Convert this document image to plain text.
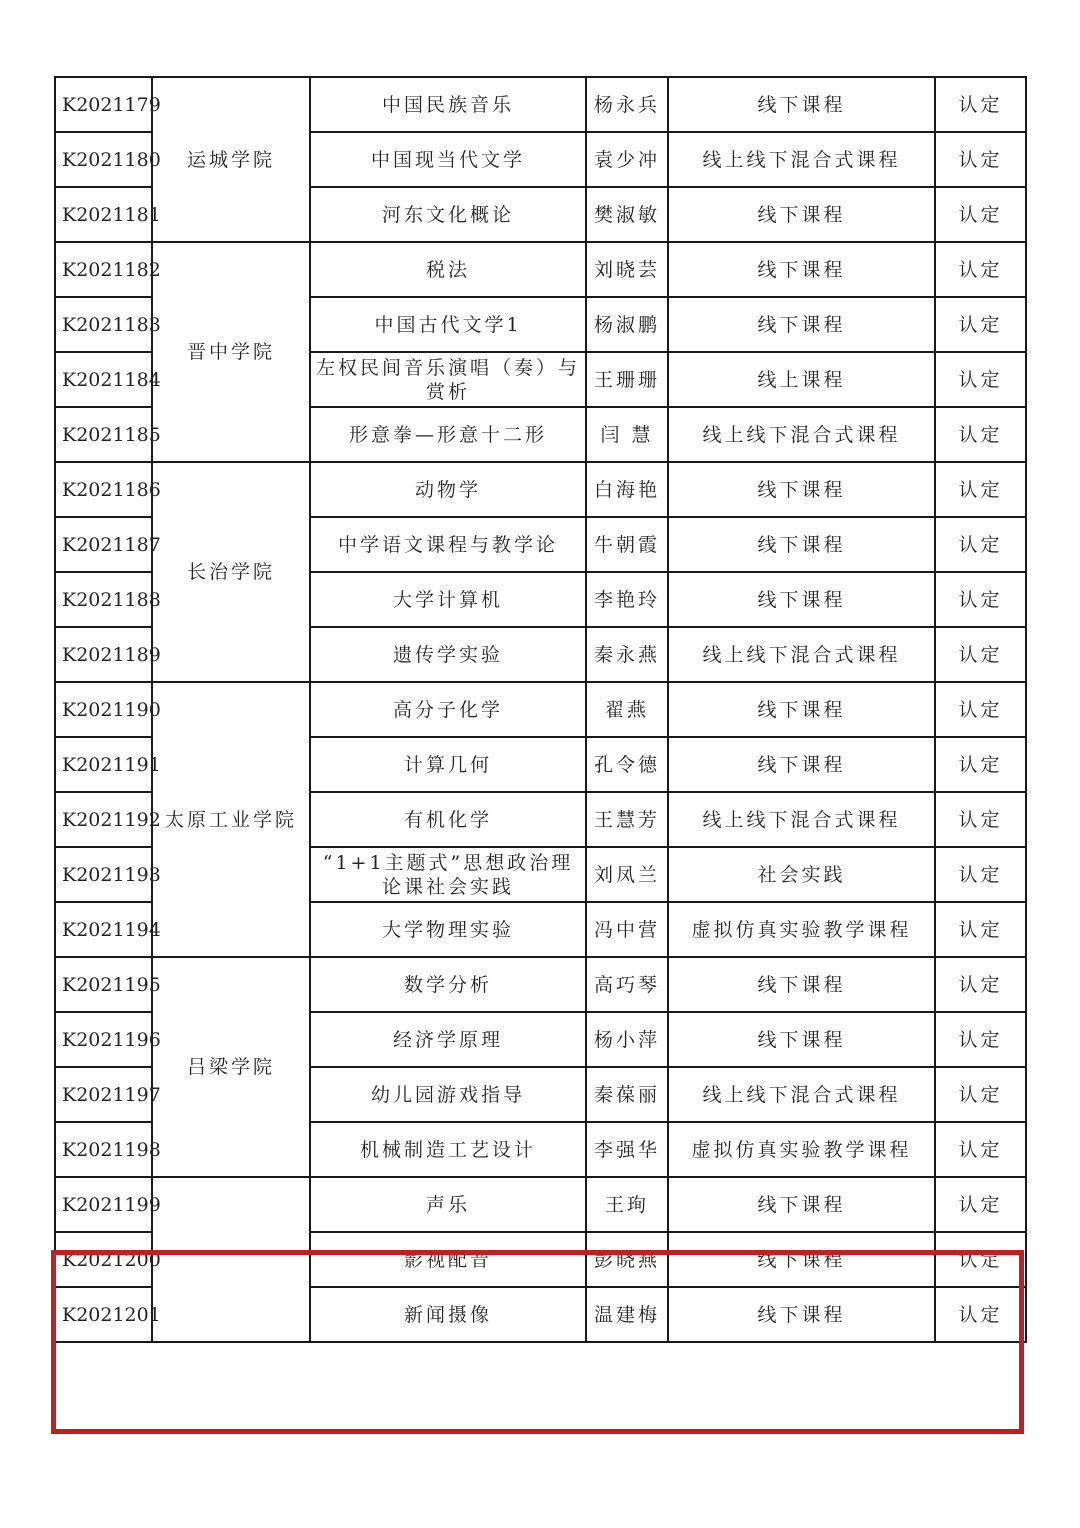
K2021179	运城学院	中国民族音乐	杨永兵	线下课程	认定
K2021180		中国现当代文学	袁少冲	线上线下混合式课程	认定
K2021181		河东文化概论	樊淑敏	线下课程	认定
K2021182	晋中学院	税法	刘晓芸	线下课程	认定
K2021183		中国古代文学1	杨淑鹏	线下课程	认定
K2021184		左权民间音乐演唱（奏）与赏析	王珊珊	线上课程	认定
K2021185		形意拳—形意十二形	闫 慧	线上线下混合式课程	认定
K2021186	长治学院	动物学	白海艳	线下课程	认定
K2021187		中学语文课程与教学论	牛朝霞	线下课程	认定
K2021188		大学计算机	李艳玲	线下课程	认定
K2021189		遗传学实验	秦永燕	线上线下混合式课程	认定
K2021190	太原工业学院	高分子化学	翟燕	线下课程	认定
K2021191		计算几何	孔令德	线下课程	认定
K2021192		有机化学	王慧芳	线上线下混合式课程	认定
K2021193		“1+1主题式”思想政治理论课社会实践	刘凤兰	社会实践	认定
K2021194		大学物理实验	冯中营	虚拟仿真实验教学课程	认定
K2021195	吕梁学院	数学分析	高巧琴	线下课程	认定
K2021196		经济学原理	杨小萍	线下课程	认定
K2021197		幼儿园游戏指导	秦葆丽	线上线下混合式课程	认定
K2021198		机械制造工艺设计	李强华	虚拟仿真实验教学课程	认定
K2021199		声乐	王珣	线下课程	认定
K2021200		影视配音	彭晓燕	线下课程	认定
K2021201		新闻摄像	温建梅	线下课程	认定
